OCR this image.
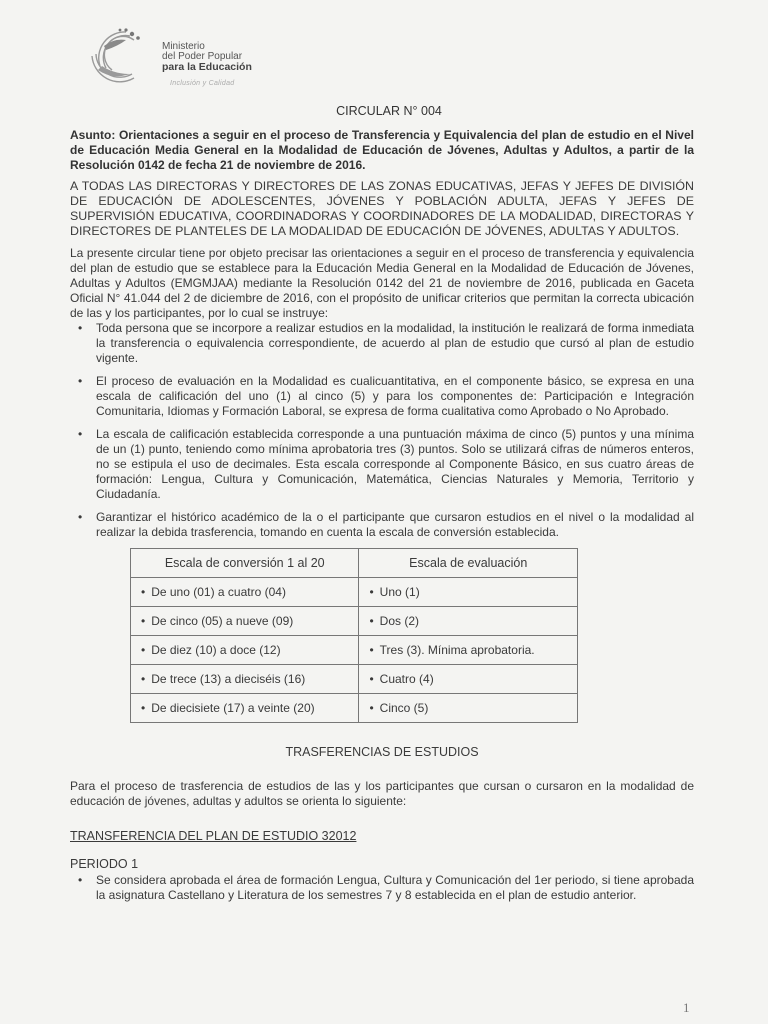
Ministerio
del Poder Popular
para la Educación
Inclusión y Calidad
CIRCULAR N° 004

Asunto: Orientaciones a seguir en el proceso de Transferencia y Equivalencia del plan de estudio en el Nivel de Educación Media General en la Modalidad de Educación de Jóvenes, Adultas y Adultos, a partir de la Resolución 0142 de fecha 21 de noviembre de 2016.

A TODAS LAS DIRECTORAS Y DIRECTORES DE LAS ZONAS EDUCATIVAS, JEFAS Y JEFES DE DIVISIÓN DE EDUCACIÓN DE ADOLESCENTES, JÓVENES Y POBLACIÓN ADULTA, JEFAS Y JEFES DE SUPERVISIÓN EDUCATIVA, COORDINADORAS Y COORDINADORES DE LA MODALIDAD, DIRECTORAS Y DIRECTORES DE PLANTELES DE LA MODALIDAD DE EDUCACIÓN DE JÓVENES, ADULTAS Y ADULTOS.

La presente circular tiene por objeto precisar las orientaciones a seguir en el proceso de transferencia y equivalencia del plan de estudio que se establece para la Educación Media General en la Modalidad de Educación de Jóvenes, Adultas y Adultos (EMGMJAA) mediante la Resolución 0142 del 21 de noviembre de 2016, publicada en Gaceta Oficial N° 41.044 del 2 de diciembre de 2016, con el propósito de unificar criterios que permitan la correcta ubicación de las y los participantes, por lo cual se instruye:

• Toda persona que se incorpore a realizar estudios en la modalidad, la institución le realizará de forma inmediata la transferencia o equivalencia correspondiente, de acuerdo al plan de estudio que cursó al plan de estudio vigente.
• El proceso de evaluación en la Modalidad es cualicuantitativa, en el componente básico, se expresa en una escala de calificación del uno (1) al cinco (5) y para los componentes de: Participación e Integración Comunitaria, Idiomas y Formación Laboral, se expresa de forma cualitativa como Aprobado o No Aprobado.
• La escala de calificación establecida corresponde a una puntuación máxima de cinco (5) puntos y una mínima de un (1) punto, teniendo como mínima aprobatoria tres (3) puntos. Solo se utilizará cifras de números enteros, no se estipula el uso de decimales. Esta escala corresponde al Componente Básico, en sus cuatro áreas de formación: Lengua, Cultura y Comunicación, Matemática, Ciencias Naturales y Memoria, Territorio y Ciudadanía.
• Garantizar el histórico académico de la o el participante que cursaron estudios en el nivel o la modalidad al realizar la debida trasferencia, tomando en cuenta la escala de conversión establecida.
Escala de conversión 1 al 20	Escala de evaluación
• De uno (01) a cuatro (04)	• Uno (1)
• De cinco (05) a nueve (09)	• Dos (2)
• De diez (10) a doce (12)	• Tres (3). Mínima aprobatoria.
• De trece (13) a dieciséis (16)	• Cuatro (4)
• De diecisiete (17) a veinte (20)	• Cinco (5)
TRASFERENCIAS DE ESTUDIOS

Para el proceso de trasferencia de estudios de las y los participantes que cursan o cursaron en la modalidad de educación de jóvenes, adultas y adultos se orienta lo siguiente:

TRANSFERENCIA DEL PLAN DE ESTUDIO 32012
PERIODO 1
• Se considera aprobada el área de formación Lengua, Cultura y Comunicación del 1er periodo, si tiene aprobada la asignatura Castellano y Literatura de los semestres 7 y 8 establecida en el plan de estudio anterior.
1
